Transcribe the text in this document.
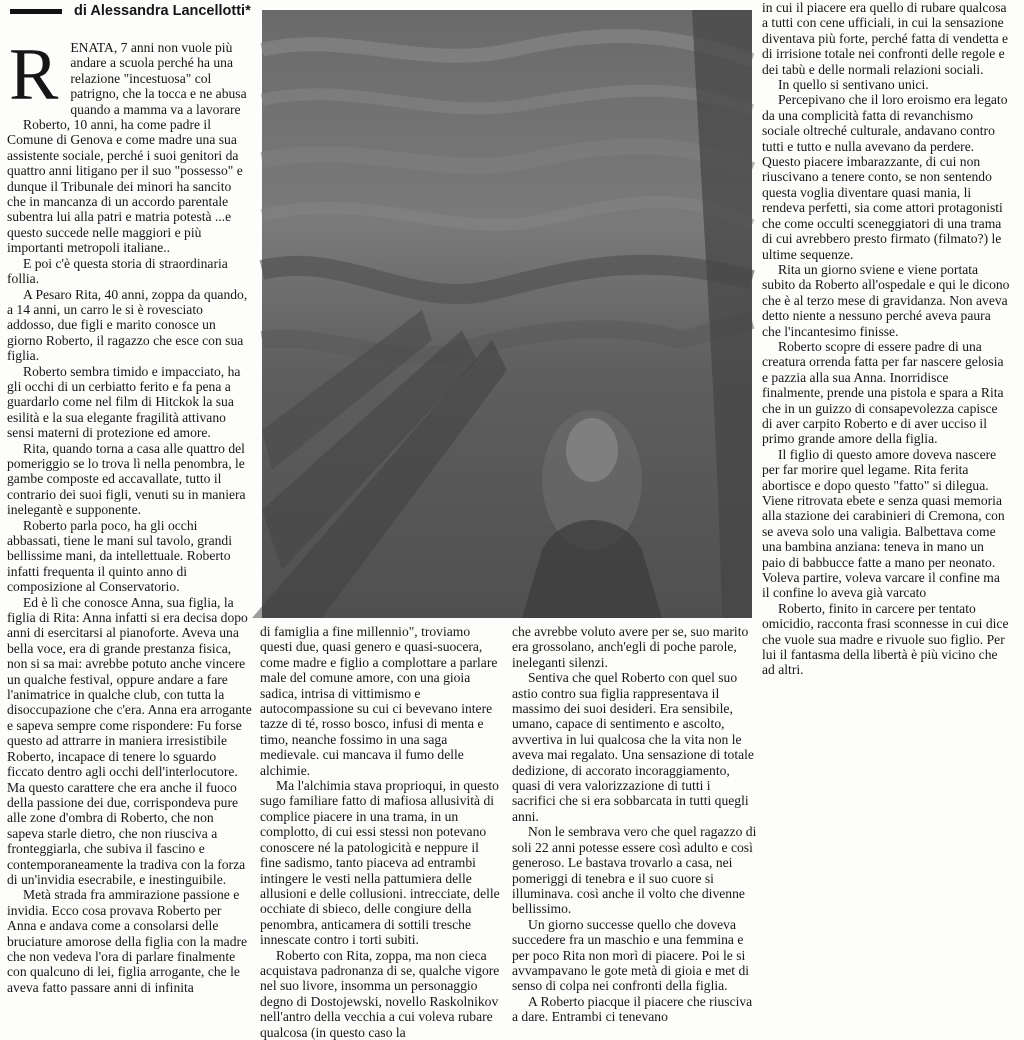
di Alessandra Lancellotti*
R ENATA, 7 anni non vuole più andare a scuola perché ha una relazione "incestuosa" col patrigno, che la tocca e ne abusa quando a mamma va a lavorare

Roberto, 10 anni, ha come padre il Comune di Genova e come madre una sua assistente sociale, perché i suoi genitori da quattro anni litigano per il suo "possesso" e dunque il Tribunale dei minori ha sancito che in mancanza di un accordo parentale subentra lui alla patri e matria potestà ...e questo succede nelle maggiori e più importanti metropoli italiane..

E poi c'è questa storia di straordinaria follia.

A Pesaro Rita, 40 anni, zoppa da quando, a 14 anni, un carro le si è rovesciato addosso, due figli e marito conosce un giorno Roberto, il ragazzo che esce con sua figlia.

Roberto sembra timido e impacciato, ha gli occhi di un cerbiatto ferito e fa pena a guardarlo come nel film di Hitckok la sua esilità e la sua elegante fragilità attivano sensi materni di protezione ed amore.

Rita, quando torna a casa alle quattro del pomeriggio se lo trova lì nella penombra, le gambe composte ed accavallate, tutto il contrario dei suoi figli, venuti su in maniera inelegantè e supponente.

Roberto parla poco, ha gli occhi abbassati, tiene le mani sul tavolo, grandi bellissime mani, da intellettuale. Roberto infatti frequenta il quinto anno di composizione al Conservatorio.

Ed è lì che conosce Anna, sua figlia, la figlia di Rita: Anna infatti si era decisa dopo anni di esercitarsi al pianoforte. Aveva una bella voce, era di grande prestanza fisica, non si sa mai: avrebbe potuto anche vincere un qualche festival, oppure andare a fare l'animatrice in qualche club, con tutta la disoccupazione che c'era. Anna era arrogante e sapeva sempre come rispondere: Fu forse questo ad attrarre in maniera irresistibile Roberto, incapace di tenere lo sguardo ficcato dentro agli occhi dell'interlocutore. Ma questo carattere che era anche il fuoco della passione dei due, corrispondeva pure alle zone d'ombra di Roberto, che non sapeva starle dietro, che non riusciva a fronteggiarla, che subiva il fascino e contemporaneamente la tradiva con la forza di un'invidia esecrabile, e inestinguibile.

Metà strada fra ammirazione passione e invidia. Ecco cosa provava Roberto per Anna e andava come a consolarsi delle bruciature amorose della figlia con la madre che non vedeva l'ora di parlare finalmente con qualcuno di lei, figlia arrogante, che le aveva fatto passare anni di infinita

di famiglia a fine millennio", troviamo questi due, quasi genero e quasi-suocera, come madre e figlio a complottare a parlare male del comune amore, con una gioia sadica, intrisa di vittimismo e autocompassione su cui ci bevevano intere tazze di té, rosso bosco, infusi di menta e timo, neanche fossimo in una saga medievale. cui mancava il fumo delle alchimie.

Ma l'alchimia stava proprioqui, in questo sugo familiare fatto di mafiosa allusività di complice piacere in una trama, in un complotto, di cui essi stessi non potevano conoscere né la patologicità e neppure il fine sadismo, tanto piaceva ad entrambi intingere le vesti nella pattumiera delle allusioni e delle collusioni. intrecciate, delle occhiate di sbieco, delle congiure della penombra, anticamera di sottili tresche innescate contro i torti subiti.

Roberto con Rita, zoppa, ma non cieca acquistava padronanza di se, qualche vigore nel suo livore, insomma un personaggio degno di Dostojewski, novello Raskolnikov nell'antro della vecchia a cui voleva rubare qualcosa (in questo caso la

che avrebbe voluto avere per se, suo marito era grossolano, anch'egli di poche parole, ineleganti silenzi.

Sentiva che quel Roberto con quel suo astio contro sua figlia rappresentava il massimo dei suoi desideri. Era sensibile, umano, capace di sentimento e ascolto, avvertiva in lui qualcosa che la vita non le aveva mai regalato. Una sensazione di totale dedizione, di accorato incoraggiamento, quasi di vera valorizzazione di tutti i sacrifici che si era sobbarcata in tutti quegli anni.

Non le sembrava vero che quel ragazzo di soli 22 anni potesse essere così adulto e così generoso. Le bastava trovarlo a casa, nei pomeriggi di tenebra e il suo cuore si illuminava. così anche il volto che divenne bellissimo.

Un giorno successe quello che doveva succedere fra un maschio e una femmina e per poco Rita non morì di piacere. Poi le si avvampavano le gote metà di gioia e met di senso di colpa nei confronti della figlia.

A Roberto piacque il piacere che riusciva a dare. Entrambi ci tenevano

in cui il piacere era quello di rubare qualcosa a tutti con cene ufficiali, in cui la sensazione diventava più forte, perché fatta di vendetta e di irrisione totale nei confronti delle regole e dei tabù e delle normali relazioni sociali.

In quello si sentivano unici.

Percepivano che il loro eroismo era legato da una complicità fatta di revanchismo sociale oltreché culturale, andavano contro tutti e tutto e nulla avevano da perdere. Questo piacere imbarazzante, di cui non riuscivano a tenere conto, se non sentendo questa voglia diventare quasi mania, li rendeva perfetti, sia come attori protagonisti che come occulti sceneggiatori di una trama di cui avrebbero presto firmato (filmato?) le ultime sequenze.

Rita un giorno sviene e viene portata subito da Roberto all'ospedale e qui le dicono che è al terzo mese di gravidanza. Non aveva detto niente a nessuno perché aveva paura che l'incantesimo finisse.

Roberto scopre di essere padre di una creatura orrenda fatta per far nascere gelosia e pazzia alla sua Anna. Inorridisce finalmente, prende una pistola e spara a Rita che in un guizzo di consapevolezza capisce di aver carpito Roberto e di aver ucciso il primo grande amore della figlia.

Il figlio di questo amore doveva nascere per far morire quel legame. Rita ferita abortisce e dopo questo "fatto" si dilegua. Viene ritrovata ebete e senza quasi memoria alla stazione dei carabinieri di Cremona, con se aveva solo una valigia. Balbettava come una bambina anziana: teneva in mano un paio di babbucce fatte a mano per neonato. Voleva partire, voleva varcare il confine ma il confine lo aveva già varcato

Roberto, finito in carcere per tentato omicidio, racconta frasi sconnesse in cui dice che vuole sua madre e rivuole suo figlio. Per lui il fantasma della libertà è più vicino che ad altri.
